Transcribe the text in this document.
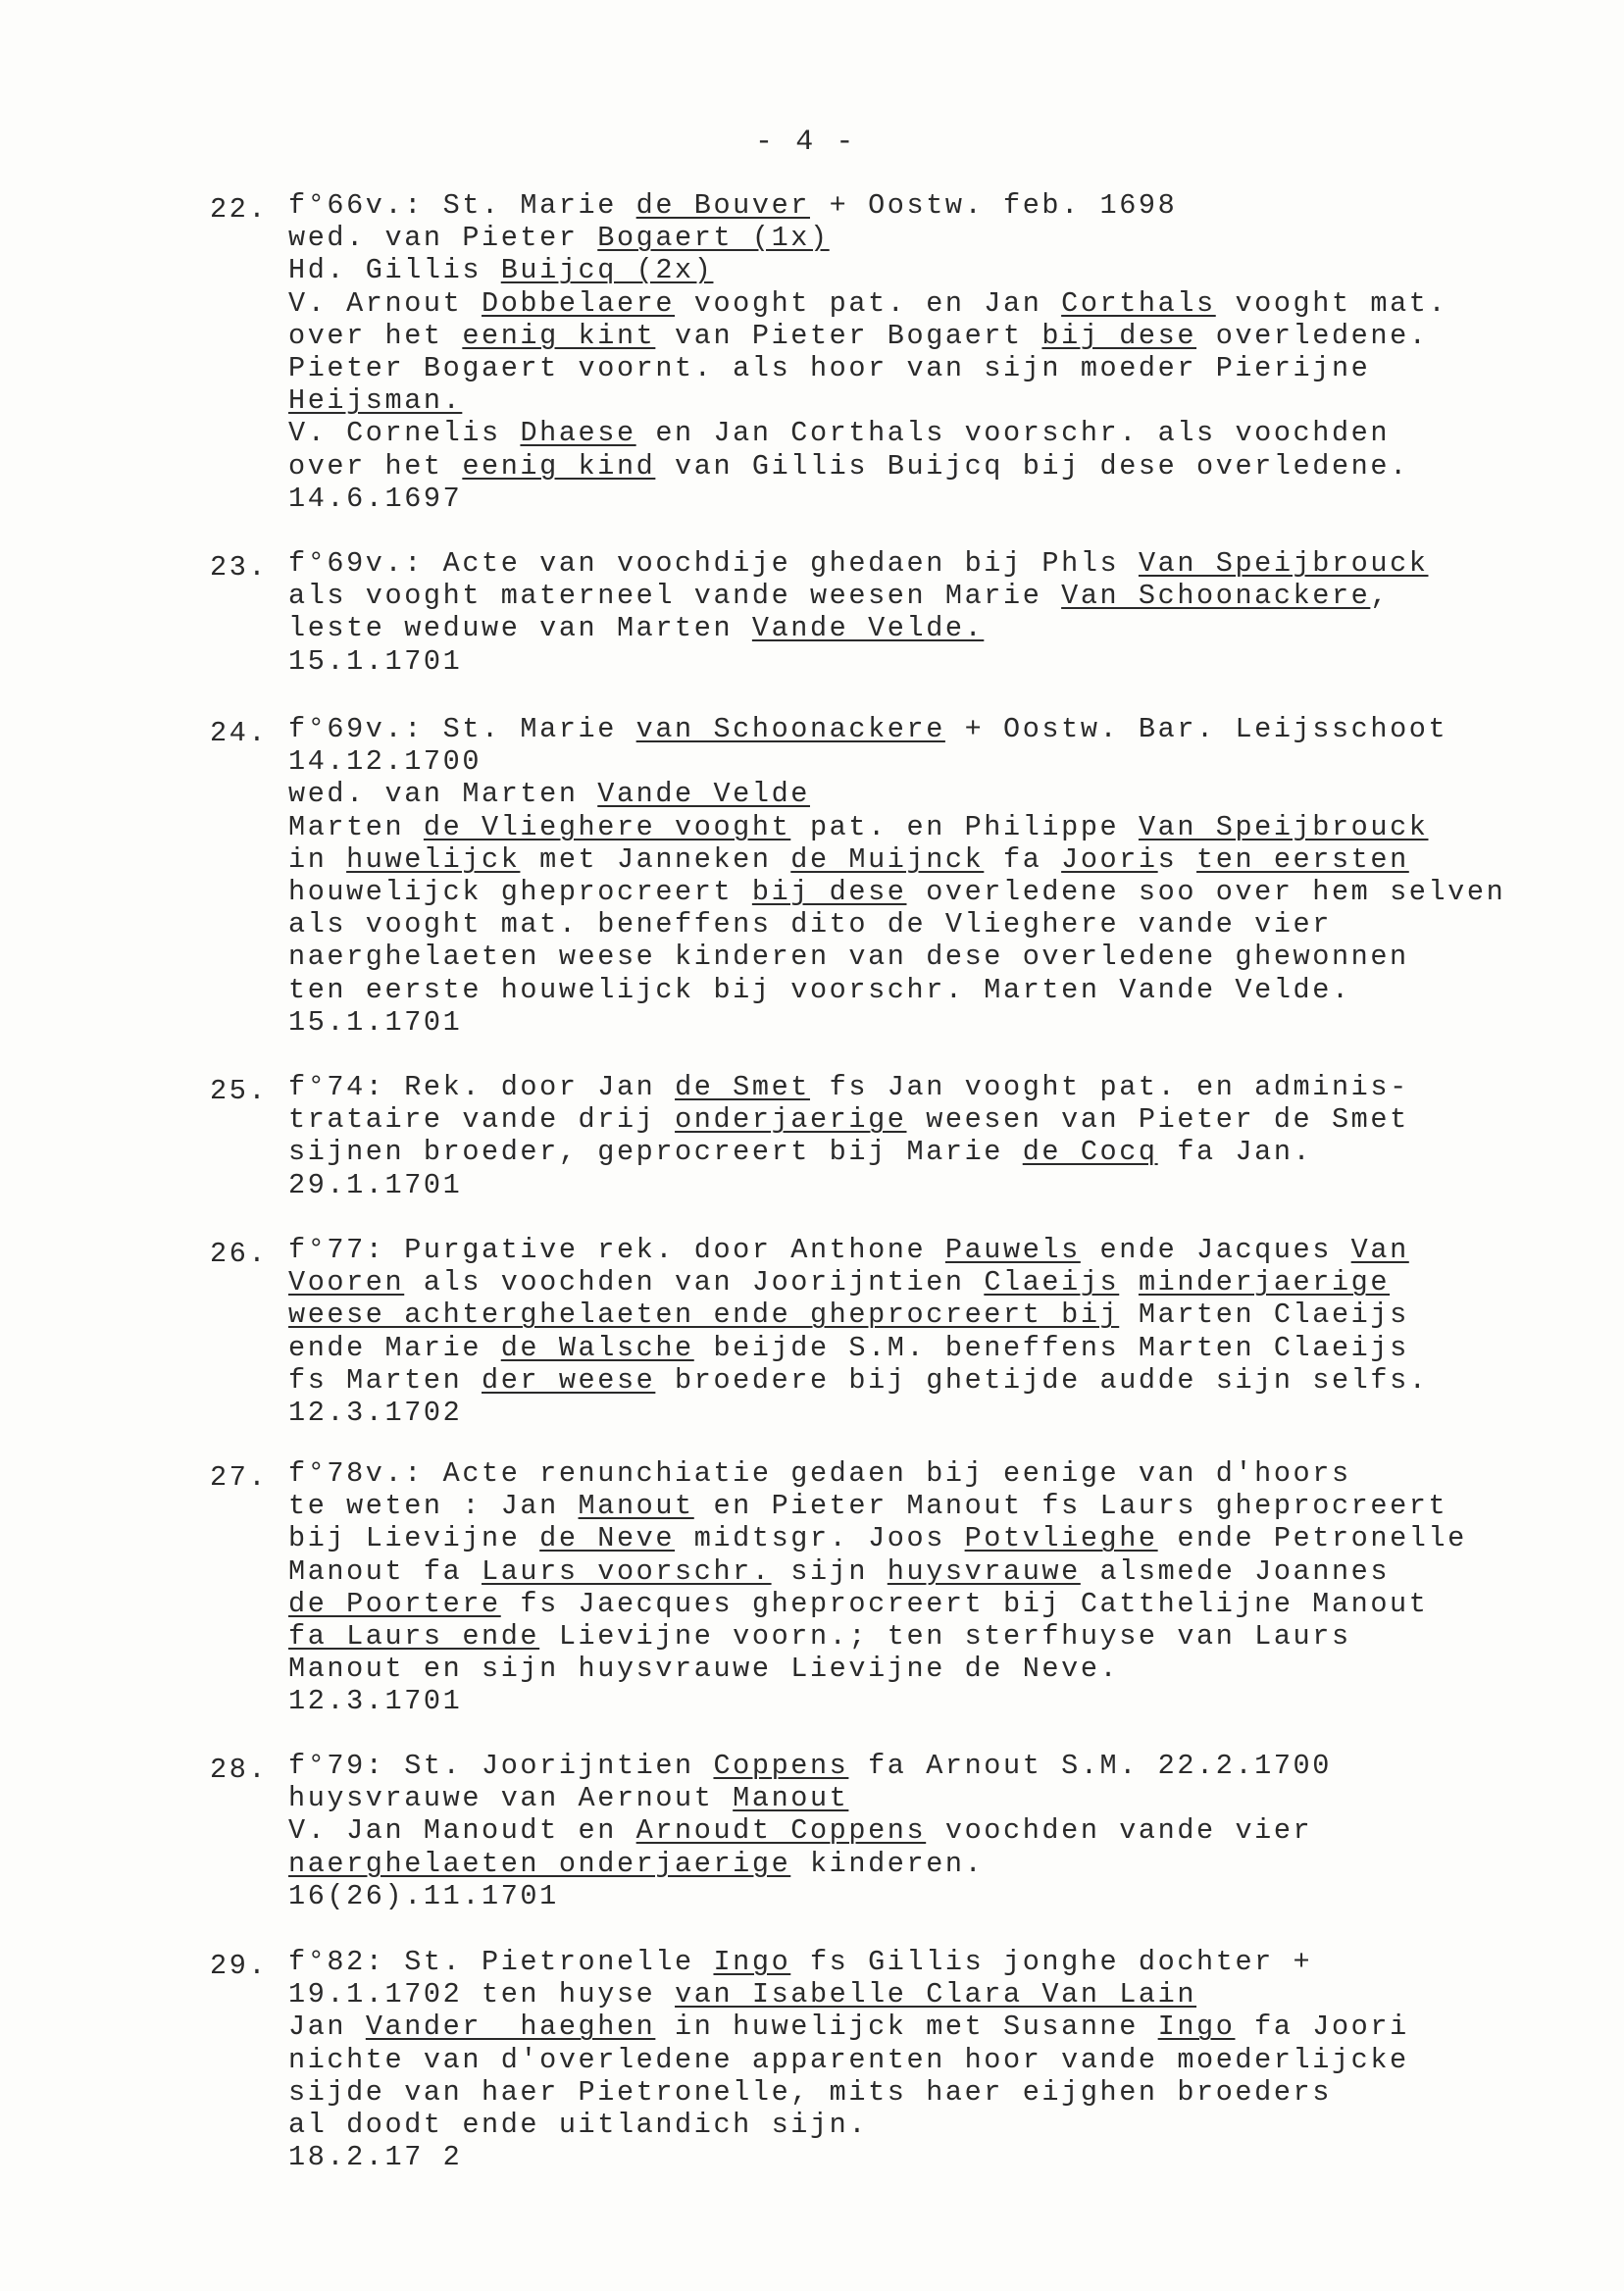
- 4 -
22. f°66v.: St. Marie de Bouver + Oostw. feb. 1698
wed. van Pieter Bogaert (1x)
Hd. Gillis Buijcq (2x)
V. Arnout Dobbelaere vooght pat. en Jan Corthals vooght mat.
over het eenig kint van Pieter Bogaert bij dese overledene.
Pieter Bogaert voornt. als hoor van sijn moeder Pierijne
Heijsman.
V. Cornelis Dhaese en Jan Corthals voorschr. als voochden
over het eenig kind van Gillis Buijcq bij dese overledene.
14.6.1697
23. f°69v.: Acte van voochdije ghedaen bij Phls Van Speijbrouck
als vooght materneel vande weesen Marie Van Schoonackere,
leste weduwe van Marten Vande Velde.
15.1.1701
24. f°69v.: St. Marie van Schoonackere + Oostw. Bar. Leijsschoot
14.12.1700
wed. van Marten Vande Velde
Marten de Vlieghere vooght pat. en Philippe Van Speijbrouck
in huwelijck met Janneken de Muijnck fa Jooris ten eersten
houwelijck gheprocreert bij dese overledene soo over hem selven
als vooght mat. beneffens dito de Vlieghere vande vier
naerghelaeten weese kinderen van dese overledene ghewonnen
ten eerste houwelijck bij voorschr. Marten Vande Velde.
15.1.1701
25. f°74: Rek. door Jan de Smet fs Jan vooght pat. en adminis-
trataire vande drij onderjaerige weesen van Pieter de Smet
sijnen broeder, geprocreert bij Marie de Cocq fa Jan.
29.1.1701
26. f°77: Purgative rek. door Anthone Pauwels ende Jacques Van
Vooren als voochden van Joorijntien Claeijs minderjaerige
weese achterghelaeten ende gheprocreert bij Marten Claeijs
ende Marie de Walsche beijde S.M. beneffens Marten Claeijs
fs Marten der weese broedere bij ghetijde audde sijn selfs.
12.3.1702
27. f°78v.: Acte renunchiatie gedaen bij eenige van d'hoors
te weten : Jan Manout en Pieter Manout fs Laurs gheprocreert
bij Lievijne de Neve midtsgr. Joos Potvlieghe ende Petronelle
Manout fa Laurs voorschr. sijn huysvrauwe alsmede Joannes
de Poortere fs Jaecques gheprocreert bij Catthelijne Manout
fa Laurs ende Lievijne voorn.; ten sterfhuyse van Laurs
Manout en sijn huysvrauwe Lievijne de Neve.
12.3.1701
28. f°79: St. Joorijntien Coppens fa Arnout S.M. 22.2.1700
huysvrauwe van Aernout Manout
V. Jan Manoudt en Arnoudt Coppens voochden vande vier
naerghelaeten onderjaerige kinderen.
16(26).11.1701
29. f°82: St. Pietronelle Ingo fs Gillis jonghe dochter +
19.1.1702 ten huyse van Isabelle Clara Van Lain
Jan Vander  haeghen in huwelijck met Susanne Ingo fa Joori
nichte van d'overledene apparenten hoor vande moederlijcke
sijde van haer Pietronelle, mits haer eijghen broeders
al doodt ende uitlandich sijn.
18.2.17 2
